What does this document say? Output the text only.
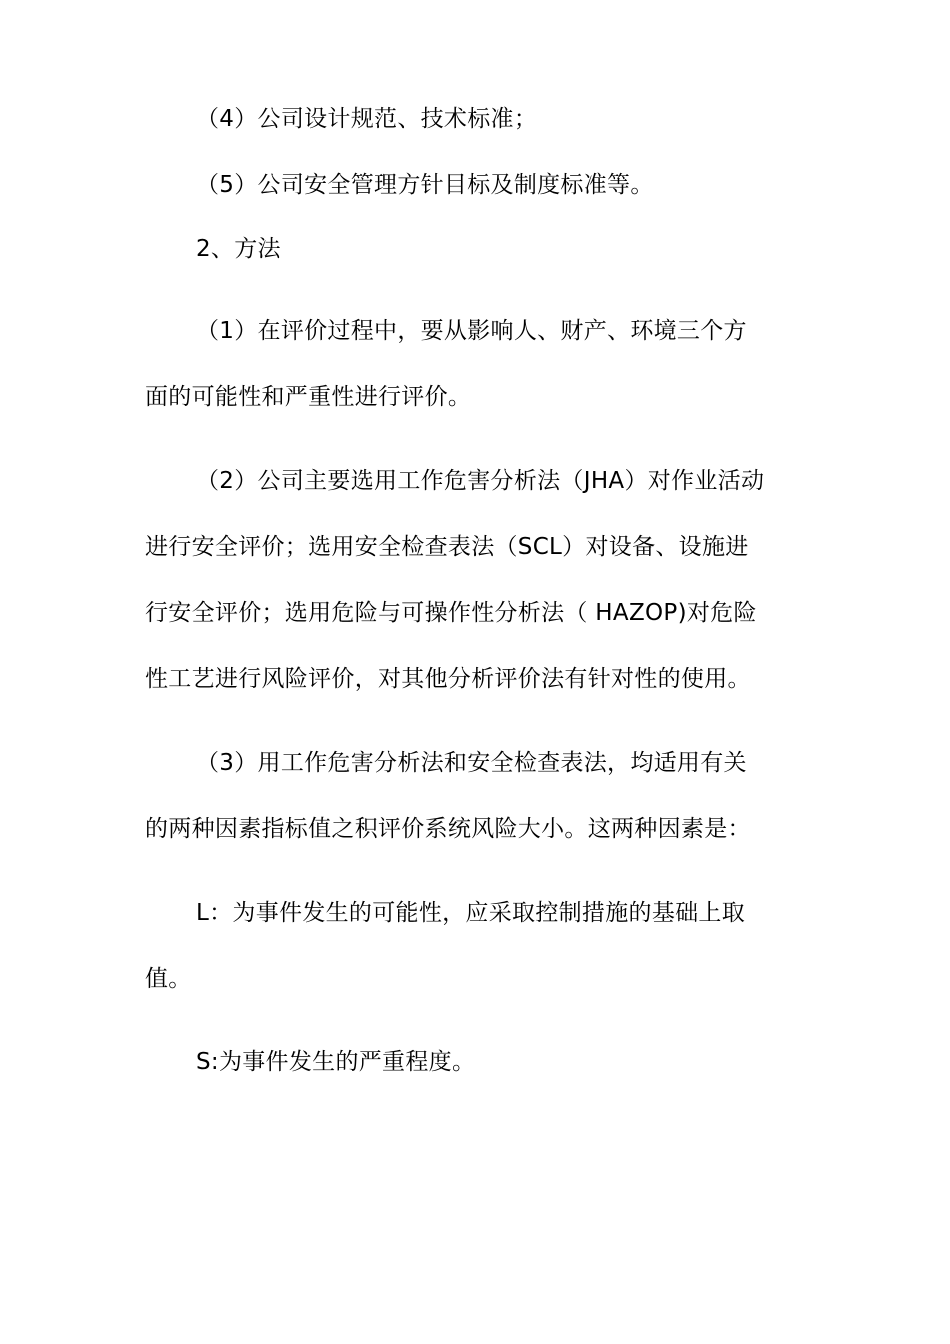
（4）公司设计规范、技术标准；
（5）公司安全管理方针目标及制度标准等。
2、方法
（1）在评价过程中，要从影响人、财产、环境三个方
面的可能性和严重性进行评价。
（2）公司主要选用工作危害分析法（JHA）对作业活动
进行安全评价；选用安全检查表法（SCL）对设备、设施进
行安全评价；选用危险与可操作性分析法（ HAZOP)对危险
性工艺进行风险评价，对其他分析评价法有针对性的使用。
（3）用工作危害分析法和安全检查表法，均适用有关
的两种因素指标值之积评价系统风险大小。这两种因素是：
L：为事件发生的可能性，应采取控制措施的基础上取
值。
S:为事件发生的严重程度。
